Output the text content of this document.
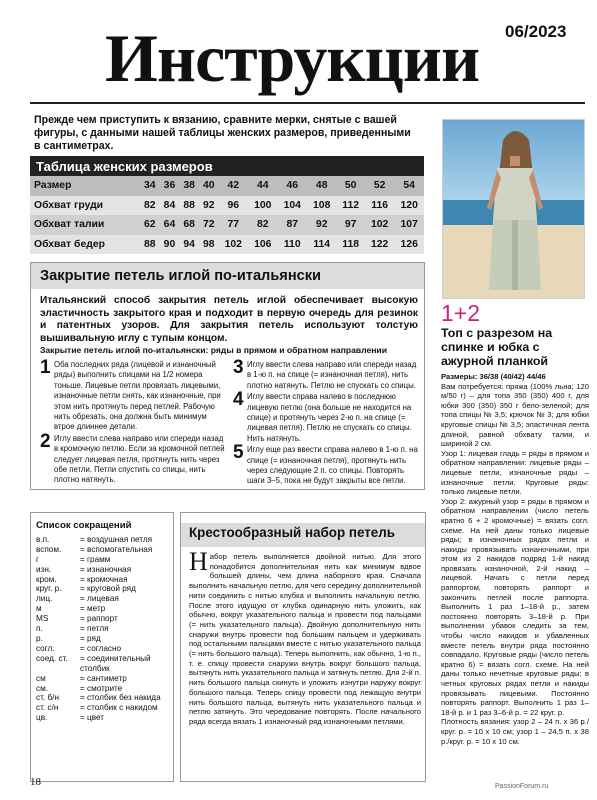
06/2023
Инструкции
Прежде чем приступить к вязанию, сравните мерки, снятые с вашей фигуры, с данными нашей таблицы женских размеров, приведенными в сантиметрах.
Таблица женских размеров
Размер	34	36	38	40	42	44	46	48	50	52	54
Обхват груди	82	84	88	92	96	100	104	108	112	116	120
Обхват талии	62	64	68	72	77	82	87	92	97	102	107
Обхват бедер	88	90	94	98	102	106	110	114	118	122	126
1+2
Топ с разрезом на спинке и юбка с ажурной планкой

Размеры: 36/38 (40/42) 44/46

Вам потребуется: пряжа (100% льна; 120 м/50 г) – для топа 350 (350) 400 г, для юбки 300 (350) 350 г бело-зеленой; для топа спицы № 3,5; крючок № 3; для юбки круговые спицы № 3,5; эластичная лента длиной, равной обхвату талии, и шириной 2 см.

Узор 1: лицевая гладь = ряды в прямом и обратном направлении: лицевые ряды – лицевые петли, изнаночные ряды – изнаночные петли. Круговые ряды: только лицевые петли.

Узор 2: ажурный узор = ряды в прямом и обратном направлении (число петель кратно 6 + 2 кромочные) = вязать согл. схеме. На ней даны только лицевые ряды; в изнаночных рядах петли и накиды провязывать изнаночными, при этом из 2 накидов подряд 1-й накид провязать изнаночной, 2-й накид – лицевой. Начать с петли перед раппортом, повторять раппорт и закончить петлей после раппорта. Выполнить 1 раз 1–18-й р., затем постоянно повторять 3–18-й р. При выполнении убавок следить за тем, чтобы число накидов и убавленных вместе петель внутри ряда постоянно совпадало. Круговые ряды (число петель кратно 6) = вязать согл. схеме. На ней даны только нечетные круговые ряды; в четных круговых рядах петли и накиды провязывать лицевыми. Постоянно повторять раппорт. Выполнить 1 раз 1–18-й р. и 1 раз 3–6-й р. = 22 круг. р.

Плотность вязания: узор 2 – 24 п. x 36 р./круг. р. = 10 x 10 см; узор 1 – 24,5 п. x 38 р./круг. р. = 10 x 10 см.

Закрытие петель иглой по-итальянски
Итальянский способ закрытия петель иглой обеспечивает высокую эластичность закрытого края и подходит в первую очередь для резинок и патентных узоров. Для закрытия петель используют толстую вышивальную иглу с тупым концом.
Закрытие петель иглой по-итальянски: ряды в прямом и обратном направлении
1 Оба последних ряда (лицевой и изнаночный ряды) выполнить спицами на 1/2 номера тоньше. Лицевые петли провязать лицевыми, изнаночные петли снять, как изнаночные, при этом нить протянуть перед петлей. Рабочую нить обрезать, она должна быть минимум втрое длиннее детали.
2 Иглу ввести слева направо или спереди назад в кромочную петлю. Если за кромочной петлей следует лицевая петля, протянуть нить через обе петли. Петли спустить со спицы, нить плотно натянуть.
3 Иглу ввести слева направо или спереди назад в 1-ю п. на спице (= изнаночная петля), нить плотно натянуть. Петлю не спускать со спицы.
4 Иглу ввести справа налево в последнюю лицевую петлю (она больше не находится на спице) и протянуть через 2-ю п. на спице (= лицевая петля). Петлю не спускать со спицы. Нить натянуть.
5 Иглу еще раз ввести справа налево в 1-ю п. на спице (= изнаночная петля), протянуть нить через следующие 2 п. со спицы. Повторять шаги 3–5, пока не будут закрыты все петли.
Список сокращений
в.п.	= воздушная петля
вспом.	= вспомогательная
г	= грамм
изн.	= изнаночная
кром.	= кромочная
круг. р.	= круговой ряд
лиц.	= лицевая
м	= метр
MS	= раппорт
п.	= петля
р.	= ряд
согл.	= согласно
соед. ст.	= соединительный столбик
см	= сантиметр
см.	= смотрите
ст. б/н	= столбик без накида
ст. с/н	= столбик с накидом
цв.	= цвет
Крестообразный набор петель
Набор петель выполняется двойной нитью. Для этого понадобится дополнительная нить как минимум вдвое большей длины, чем длина наборного края. Сначала выполнить начальную петлю, для чего середину дополнительной нити соединить с нитью клубка и выполнить начальную петлю. После этого идущую от клубка одинарную нить уложить, как обычно, вокруг указательного пальца и провести под пальцами (= нить указательного пальца). Двойную дополнительную нить снаружи внутрь провести под большим пальцем и удерживать под остальными пальцами вместе с нитью указательного пальца (= нить большого пальца). Теперь выполнить, как обычно, 1-ю п., т. е. спицу провести снаружи внутрь вокруг большого пальца, вытянуть нить указательного пальца и затянуть петлю. Для 2-й п. нить большого пальца скинуть и уложить изнутри наружу вокруг большого пальца. Теперь спицу провести под лежащую внутри нить большого пальца, вытянуть нить указательного пальца и петлю затянуть. Это чередование повторять. После начального ряда всегда вязать 1 изнаночный ряд изнаночными петлями.
18	PassionForum.ru
